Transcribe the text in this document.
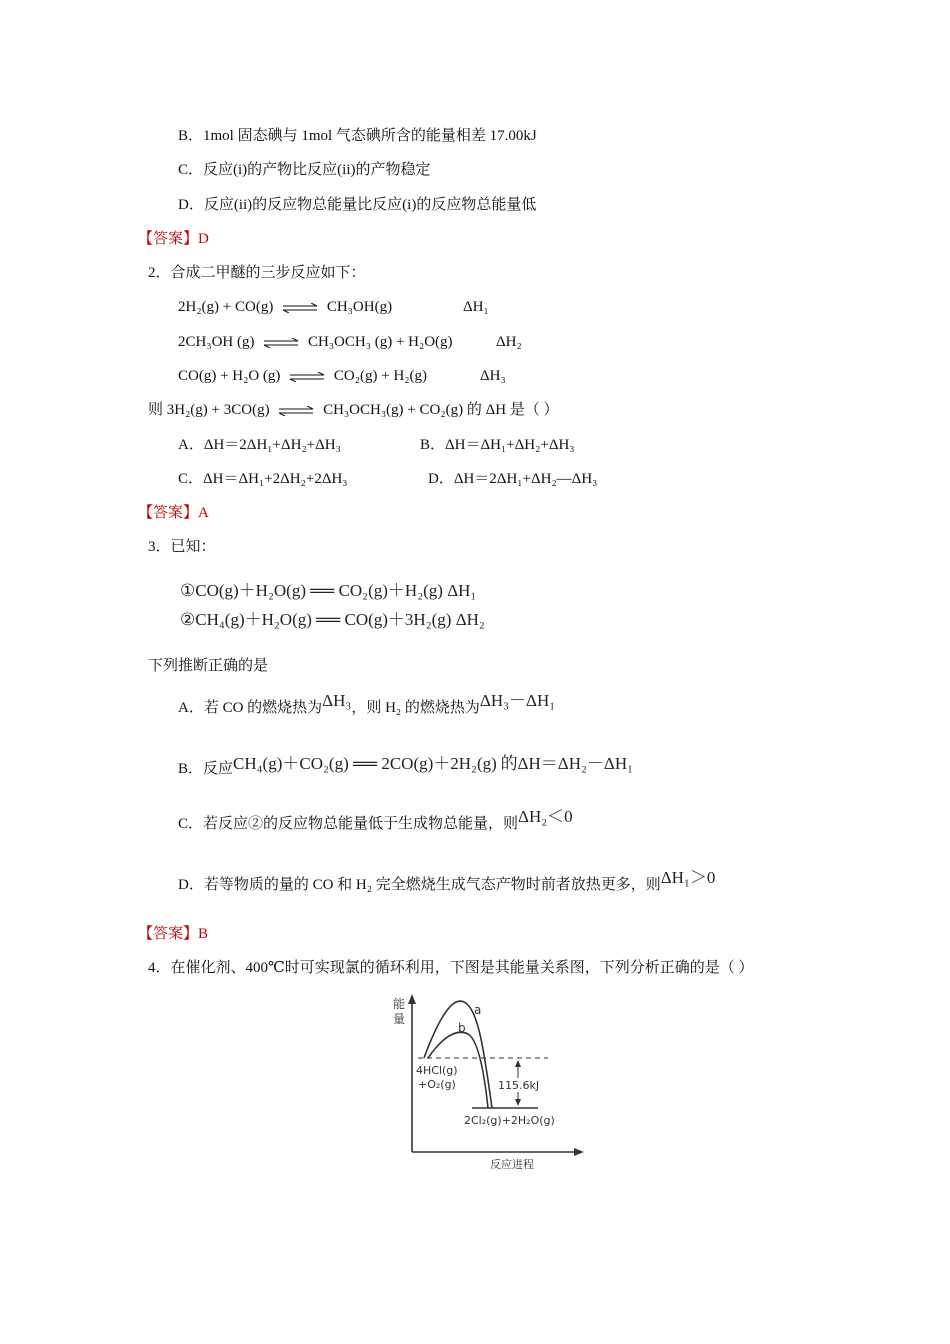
B．1mol 固态碘与 1mol 气态碘所含的能量相差 17.00kJ
C．反应(i)的产物比反应(ii)的产物稳定
D．反应(ii)的反应物总能量比反应(i)的反应物总能量低
【答案】D
2．合成二甲醚的三步反应如下：
2H₂(g) + CO(g) ⇌ CH₃OH(g)	ΔH₁
2CH₃OH (g) ⇌ CH₃OCH₃ (g) + H₂O(g)	ΔH₂
CO(g) + H₂O (g) ⇌ CO₂(g) + H₂(g)	ΔH₃
则 3H₂(g) + 3CO(g) ⇌ CH₃OCH₃(g) + CO₂(g) 的 ΔH 是（ ）
A．ΔH＝2ΔH₁+ΔH₂+ΔH₃	B．ΔH＝ΔH₁+ΔH₂+ΔH₃
C．ΔH＝ΔH₁+2ΔH₂+2ΔH₃	D．ΔH＝2ΔH₁+ΔH₂—ΔH₃
【答案】A
3．已知：
①CO(g)＋H₂O(g) ══ CO₂(g)＋H₂(g) ΔH₁
②CH₄(g)＋H₂O(g) ══ CO(g)＋3H₂(g) ΔH₂
下列推断正确的是
A．若 CO 的燃烧热为ΔH₃，则 H₂ 的燃烧热为ΔH₃－ΔH₁
B．反应CH₄(g)＋CO₂(g) ══ 2CO(g)＋2H₂(g) 的ΔH＝ΔH₂－ΔH₁
C．若反应②的反应物总能量低于生成物总能量，则ΔH₂＜0
D．若等物质的量的 CO 和 H₂ 完全燃烧生成气态产物时前者放热更多，则ΔH₁＞0
【答案】B
4．在催化剂、400℃时可实现氯的循环利用，下图是其能量关系图，下列分析正确的是（ ）
能
量
反应进程
a
b
115.6kJ
4HCl(g)
+O₂(g)
2Cl₂(g)+2H₂O(g)
